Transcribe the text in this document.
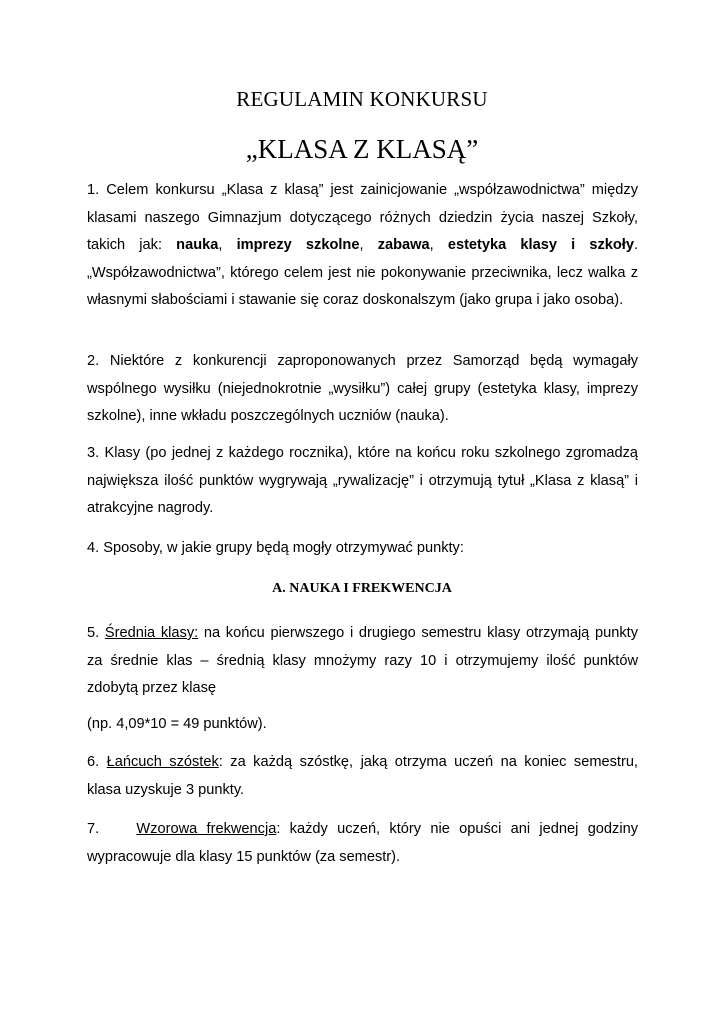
REGULAMIN KONKURSU
„KLASA Z KLASĄ”
1. Celem konkursu „Klasa z klasą” jest zainicjowanie „współzawodnictwa” między klasami naszego Gimnazjum dotyczącego różnych dziedzin życia naszej Szkoły, takich jak: nauka, imprezy szkolne, zabawa, estetyka klasy i szkoły. „Współzawodnictwa”, którego celem jest nie pokonywanie przeciwnika, lecz walka z własnymi słabościami i stawanie się coraz doskonalszym (jako grupa i jako osoba).
2. Niektóre z konkurencji zaproponowanych przez Samorząd będą wymagały wspólnego wysiłku (niejednokrotnie „wysiłku”) całej grupy (estetyka klasy, imprezy szkolne), inne wkładu poszczególnych uczniów (nauka).
3. Klasy (po jednej z każdego rocznika), które na końcu roku szkolnego zgromadzą największa ilość punktów wygrywają „rywalizację” i otrzymują tytuł „Klasa z klasą” i atrakcyjne nagrody.
4. Sposoby, w jakie grupy będą mogły otrzymywać punkty:
A. NAUKA I FREKWENCJA
5. Średnia klasy: na końcu pierwszego i drugiego semestru klasy otrzymają punkty za średnie klas – średnią klasy mnożymy razy 10 i otrzymujemy ilość punktów zdobytą przez klasę
(np. 4,09*10 = 49 punktów).
6. Łańcuch szóstek: za każdą szóstkę, jaką otrzyma uczeń na koniec semestru, klasa uzyskuje 3 punkty.
7.    Wzorowa frekwencja: każdy uczeń, który nie opuści ani jednej godziny wypracowuje dla klasy 15 punktów (za semestr).
